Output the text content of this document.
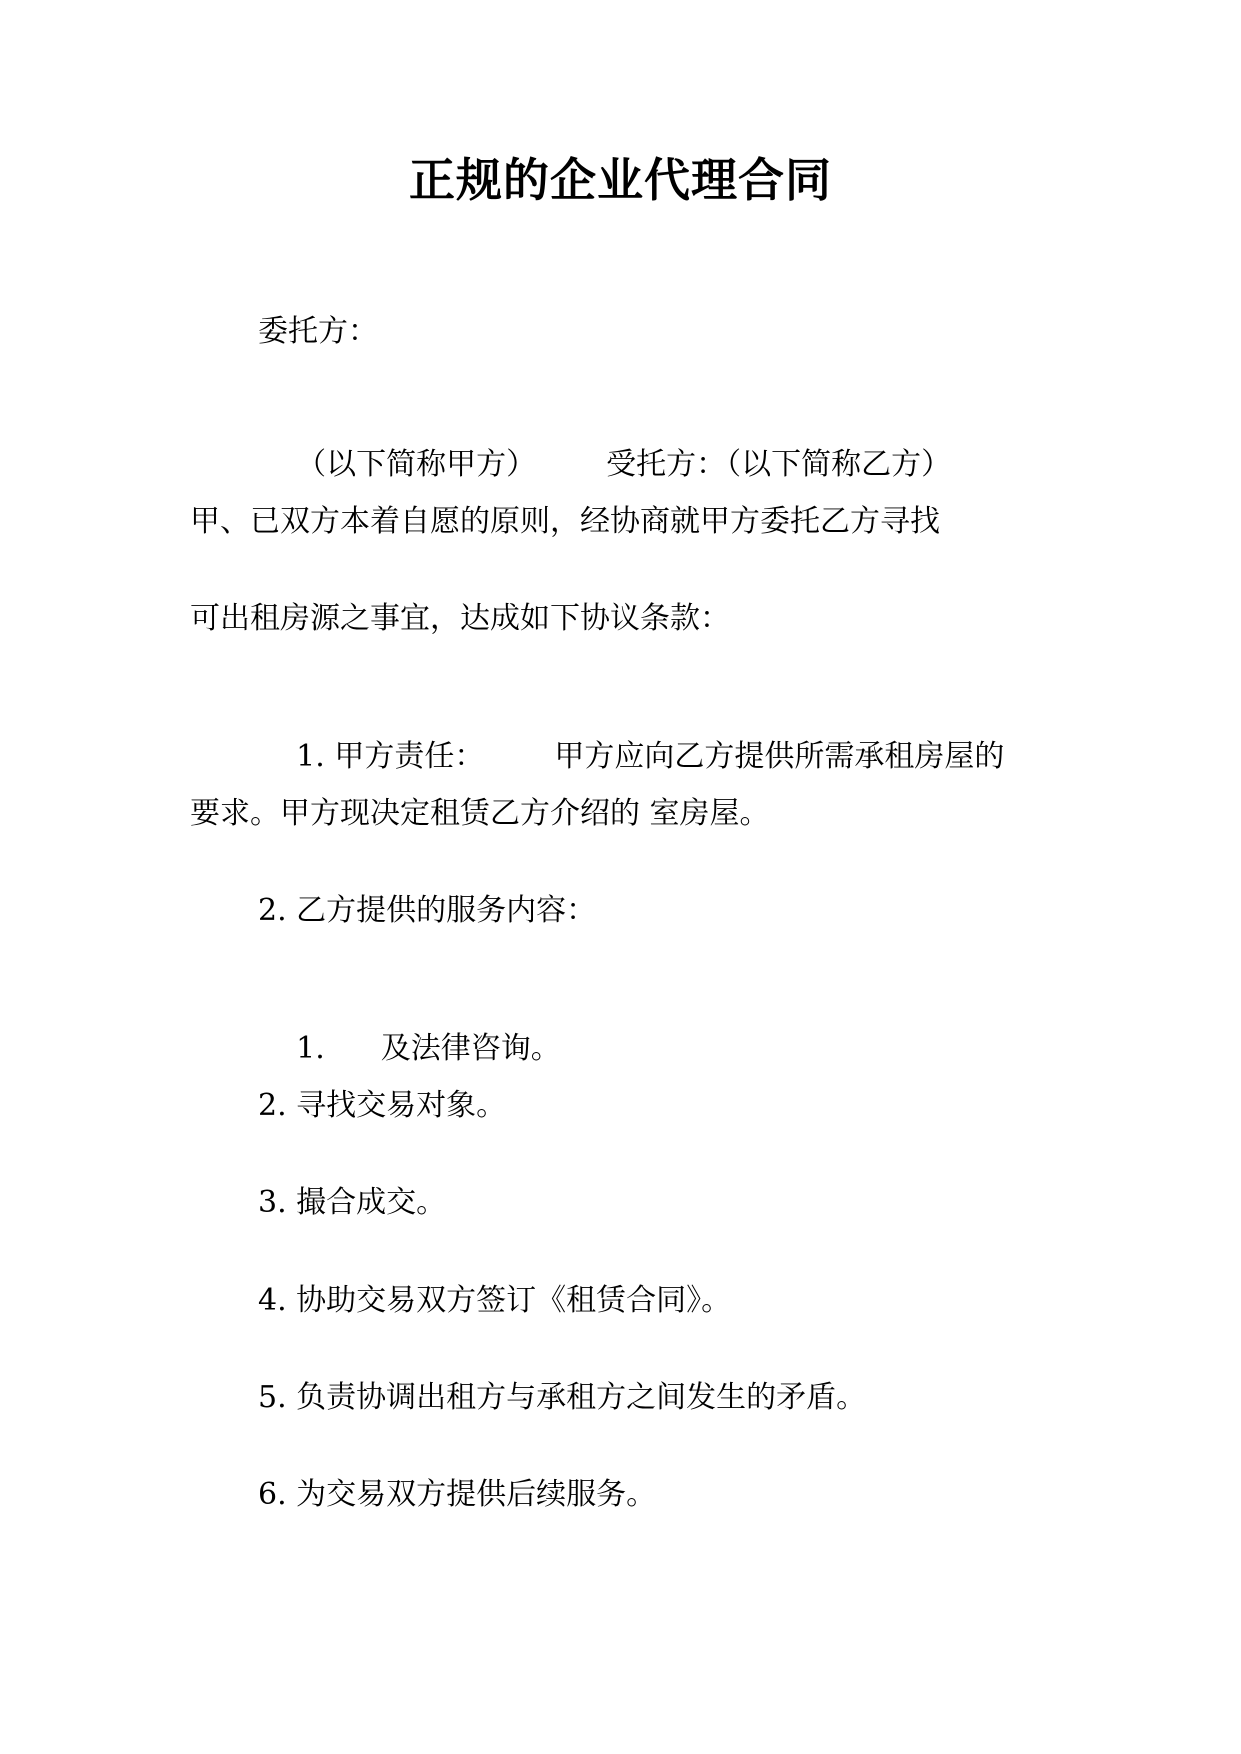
正规的企业代理合同
委托方：

（以下简称甲方） 受托方：（以下简称乙方）

甲、已双方本着自愿的原则，经协商就甲方委托乙方寻找
可出租房源之事宜，达成如下协议条款：

1. 甲方责任： 甲方应向乙方提供所需承租房屋的

要求。甲方现决定租赁乙方介绍的 室房屋。
2. 乙方提供的服务内容：

1. 及法律咨询。

2. 寻找交易对象。
3. 撮合成交。
4. 协助交易双方签订《租赁合同》。
5. 负责协调出租方与承租方之间发生的矛盾。
6. 为交易双方提供后续服务。
